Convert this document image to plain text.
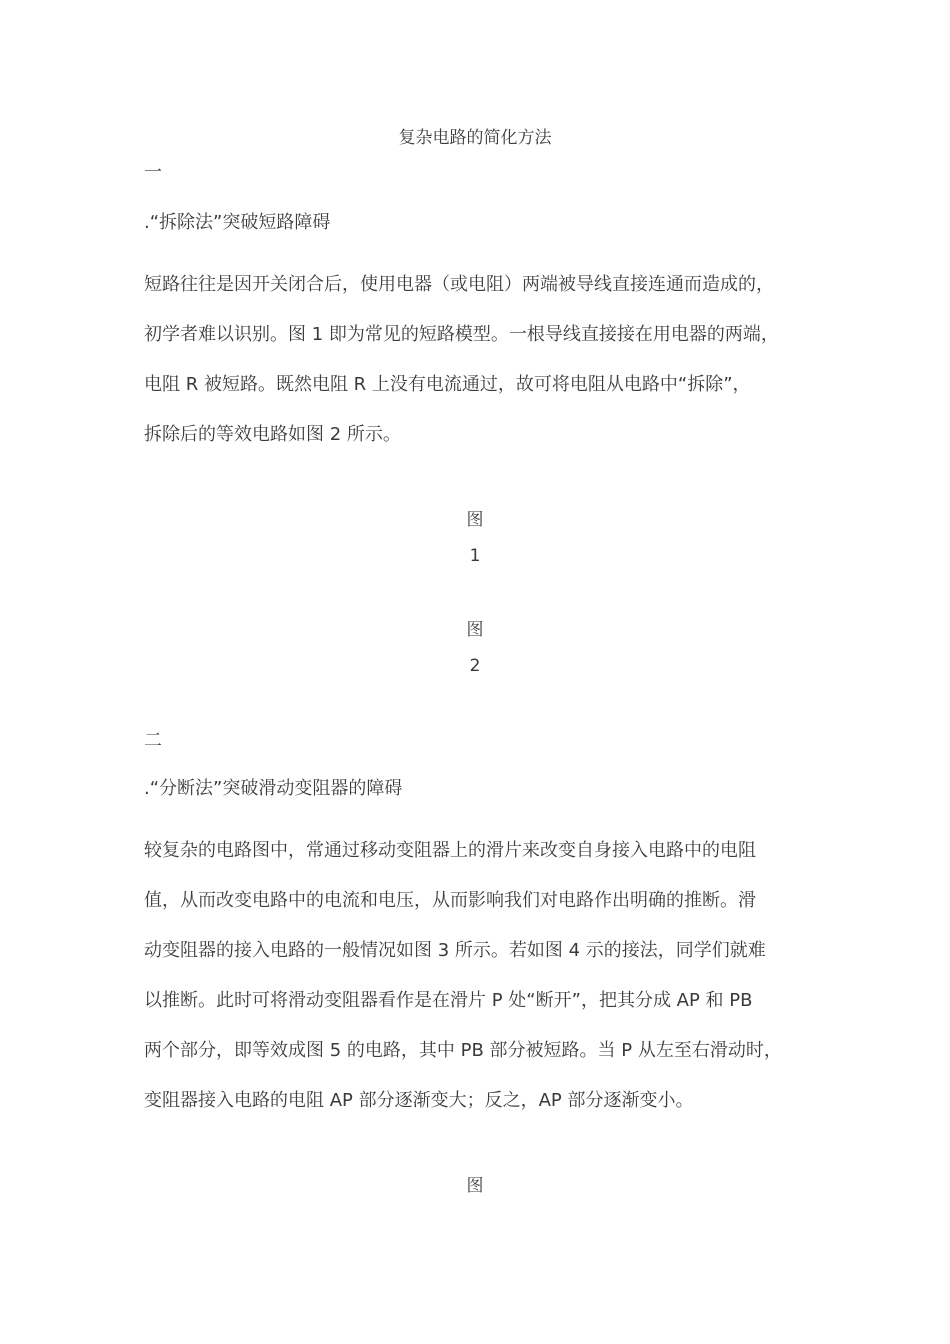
复杂电路的简化方法
一
.“拆除法”突破短路障碍
短路往往是因开关闭合后，使用电器（或电阻）两端被导线直接连通而造成的，
初学者难以识别。图 1 即为常见的短路模型。一根导线直接接在用电器的两端，
电阻 R 被短路。既然电阻 R 上没有电流通过，故可将电阻从电路中“拆除”，
拆除后的等效电路如图 2 所示。
图
1
图
2
二
.“分断法”突破滑动变阻器的障碍
较复杂的电路图中，常通过移动变阻器上的滑片来改变自身接入电路中的电阻
值，从而改变电路中的电流和电压，从而影响我们对电路作出明确的推断。滑
动变阻器的接入电路的一般情况如图 3 所示。若如图 4 示的接法，同学们就难
以推断。此时可将滑动变阻器看作是在滑片 P 处“断开”，把其分成 AP 和 PB
两个部分，即等效成图 5 的电路，其中 PB 部分被短路。当 P 从左至右滑动时，
变阻器接入电路的电阻 AP 部分逐渐变大；反之，AP 部分逐渐变小。
图
